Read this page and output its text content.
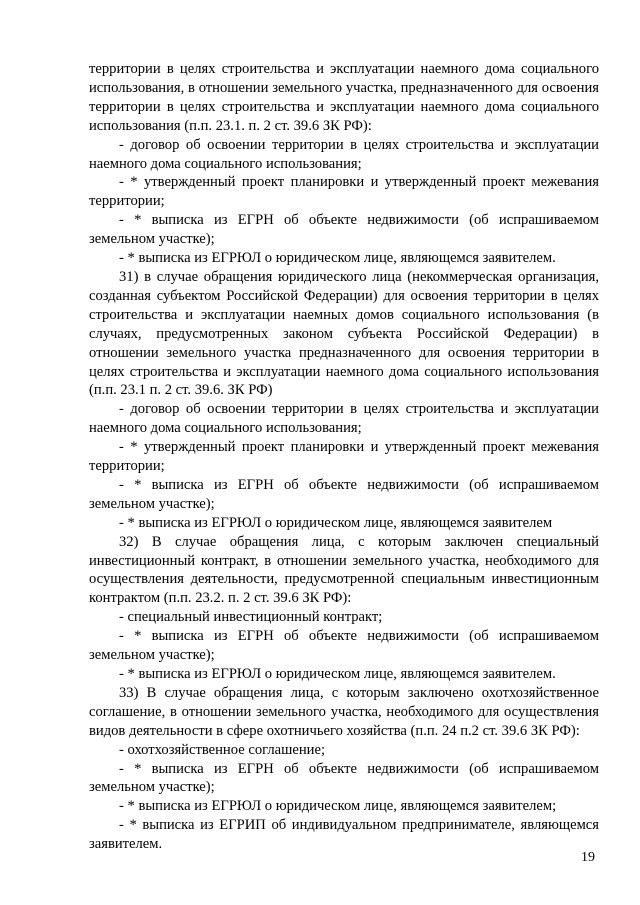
территории в целях строительства и эксплуатации наемного дома социального использования, в отношении земельного участка, предназначенного для освоения территории в целях строительства и эксплуатации наемного дома социального использования (п.п. 23.1. п. 2 ст. 39.6 ЗК РФ):

- договор об освоении территории в целях строительства и эксплуатации наемного дома социального использования;

- * утвержденный проект планировки и утвержденный проект межевания территории;

- * выписка из ЕГРН об объекте недвижимости (об испрашиваемом земельном участке);

- * выписка из ЕГРЮЛ о юридическом лице, являющемся заявителем.

31) в случае обращения юридического лица (некоммерческая организация, созданная субъектом Российской Федерации) для освоения территории в целях строительства и эксплуатации наемных домов социального использования (в случаях, предусмотренных законом субъекта Российской Федерации) в отношении земельного участка предназначенного для освоения территории в целях строительства и эксплуатации наемного дома социального использования (п.п. 23.1 п. 2 ст. 39.6. ЗК РФ)

- договор об освоении территории в целях строительства и эксплуатации наемного дома социального использования;

- * утвержденный проект планировки и утвержденный проект межевания территории;

- * выписка из ЕГРН об объекте недвижимости (об испрашиваемом земельном участке);

- * выписка из ЕГРЮЛ о юридическом лице, являющемся заявителем

32) В случае обращения лица, с которым заключен специальный инвестиционный контракт, в отношении земельного участка, необходимого для осуществления деятельности, предусмотренной специальным инвестиционным контрактом (п.п. 23.2. п. 2 ст. 39.6 ЗК РФ):

- специальный инвестиционный контракт;

- * выписка из ЕГРН об объекте недвижимости (об испрашиваемом земельном участке);

- * выписка из ЕГРЮЛ о юридическом лице, являющемся заявителем.

33) В случае обращения лица, с которым заключено охотхозяйственное соглашение, в отношении земельного участка, необходимого для осуществления видов деятельности в сфере охотничьего хозяйства (п.п. 24 п.2 ст. 39.6 ЗК РФ):

- охотхозяйственное соглашение;

- * выписка из ЕГРН об объекте недвижимости (об испрашиваемом земельном участке);

- * выписка из ЕГРЮЛ о юридическом лице, являющемся заявителем;

- * выписка из ЕГРИП об индивидуальном предпринимателе, являющемся заявителем.

19
